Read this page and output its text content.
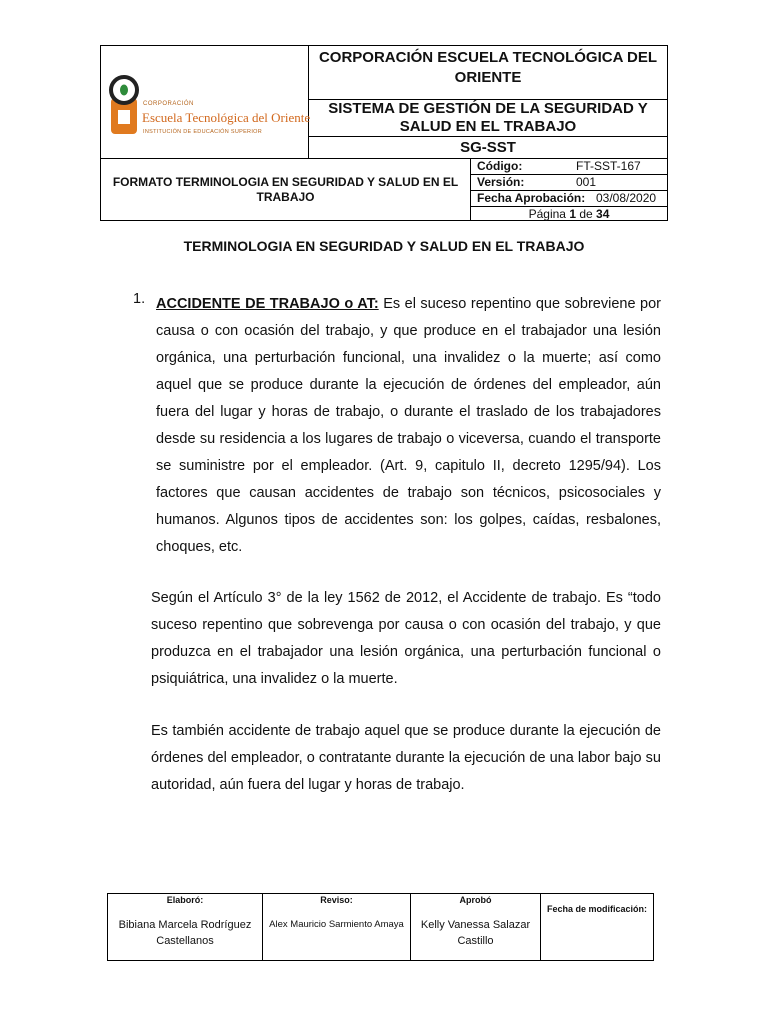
CORPORACIÓN
Escuela Tecnológica del Oriente
INSTITUCIÓN DE EDUCACIÓN SUPERIOR
CORPORACIÓN ESCUELA TECNOLÓGICA DEL ORIENTE
SISTEMA DE GESTIÓN DE LA SEGURIDAD Y SALUD EN EL TRABAJO
SG-SST
FORMATO TERMINOLOGIA EN SEGURIDAD Y SALUD EN EL TRABAJO
Código:	FT-SST-167
Versión:	001
Fecha Aprobación: 03/08/2020
Página 1 de 34
TERMINOLOGIA EN SEGURIDAD Y SALUD EN EL TRABAJO
1. ACCIDENTE DE TRABAJO o AT: Es el suceso repentino que sobreviene por causa o con ocasión del trabajo, y que produce en el trabajador una lesión orgánica, una perturbación funcional, una invalidez o la muerte; así como aquel que se produce durante la ejecución de órdenes del empleador, aún fuera del lugar y horas de trabajo, o durante el traslado de los trabajadores desde su residencia a los lugares de trabajo o viceversa, cuando el transporte se suministre por el empleador. (Art. 9, capitulo II, decreto 1295/94). Los factores que causan accidentes de trabajo son técnicos, psicosociales y humanos. Algunos tipos de accidentes son: los golpes, caídas, resbalones, choques, etc.
Según el Artículo 3° de la ley 1562 de 2012, el Accidente de trabajo. Es “todo suceso repentino que sobrevenga por causa o con ocasión del trabajo, y que produzca en el trabajador una lesión orgánica, una perturbación funcional o psiquiátrica, una invalidez o la muerte.
Es también accidente de trabajo aquel que se produce durante la ejecución de órdenes del empleador, o contratante durante la ejecución de una labor bajo su autoridad, aún fuera del lugar y horas de trabajo.
Elaboró:
Bibiana Marcela Rodríguez Castellanos
Reviso:
Alex Mauricio Sarmiento Amaya
Aprobó
Kelly Vanessa Salazar Castillo
Fecha de modificación:
